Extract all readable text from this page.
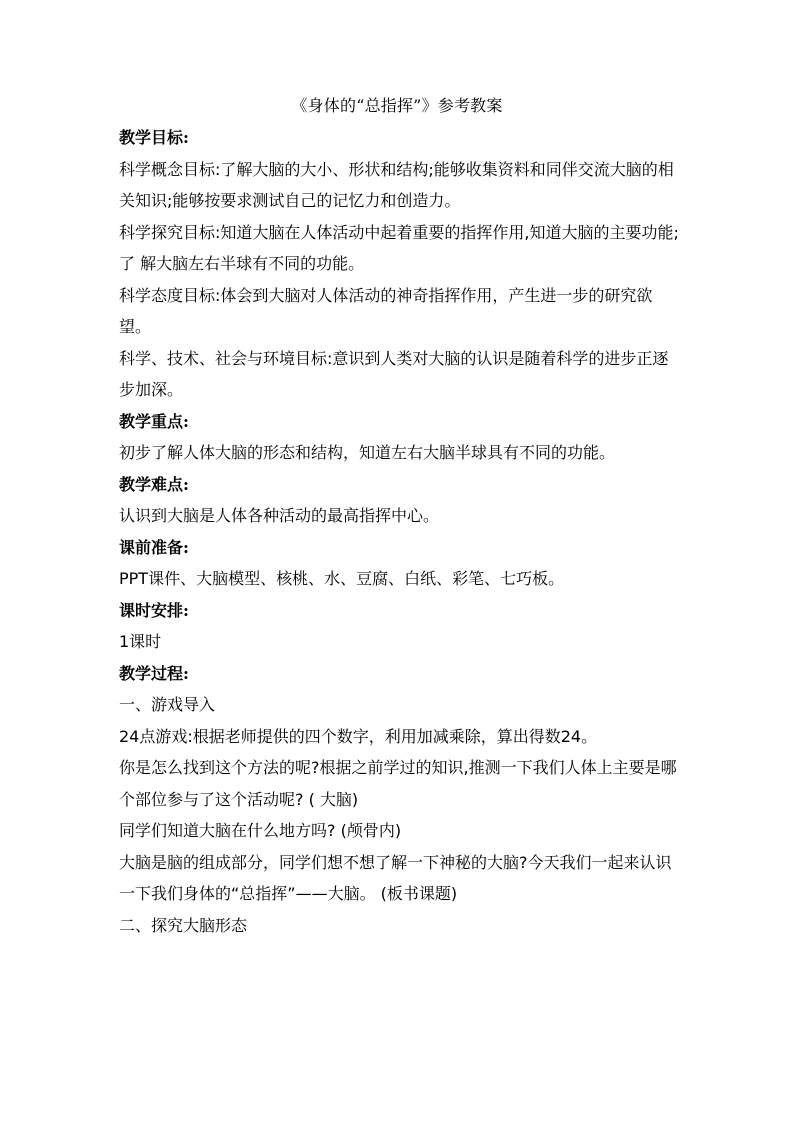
《身体的“总指挥”》参考教案

教学目标:

科学概念目标:了解大脑的大小、形状和结构;能够收集资料和同伴交流大脑的相关知识;能够按要求测试自己的记忆力和创造力。

科学探究目标:知道大脑在人体活动中起着重要的指挥作用,知道大脑的主要功能;了 解大脑左右半球有不同的功能。

科学态度目标:体会到大脑对人体活动的神奇指挥作用，产生进一步的研究欲望。

科学、技术、社会与环境目标:意识到人类对大脑的认识是随着科学的进步正逐步加深。

教学重点:

初步了解人体大脑的形态和结构，知道左右大脑半球具有不同的功能。

教学难点:

认识到大脑是人体各种活动的最高指挥中心。

课前准备:

PPT课件、大脑模型、核桃、水、豆腐、白纸、彩笔、七巧板。

课时安排:

1课时

教学过程:

一、游戏导入

24点游戏:根据老师提供的四个数字，利用加减乘除，算出得数24。

你是怎么找到这个方法的呢?根据之前学过的知识,推测一下我们人体上主要是哪个部位参与了这个活动呢? ( 大脑)

同学们知道大脑在什么地方吗? (颅骨内)

大脑是脑的组成部分，同学们想不想了解一下神秘的大脑?今天我们一起来认识一下我们身体的“总指挥”——大脑。 (板书课题)

二、探究大脑形态
